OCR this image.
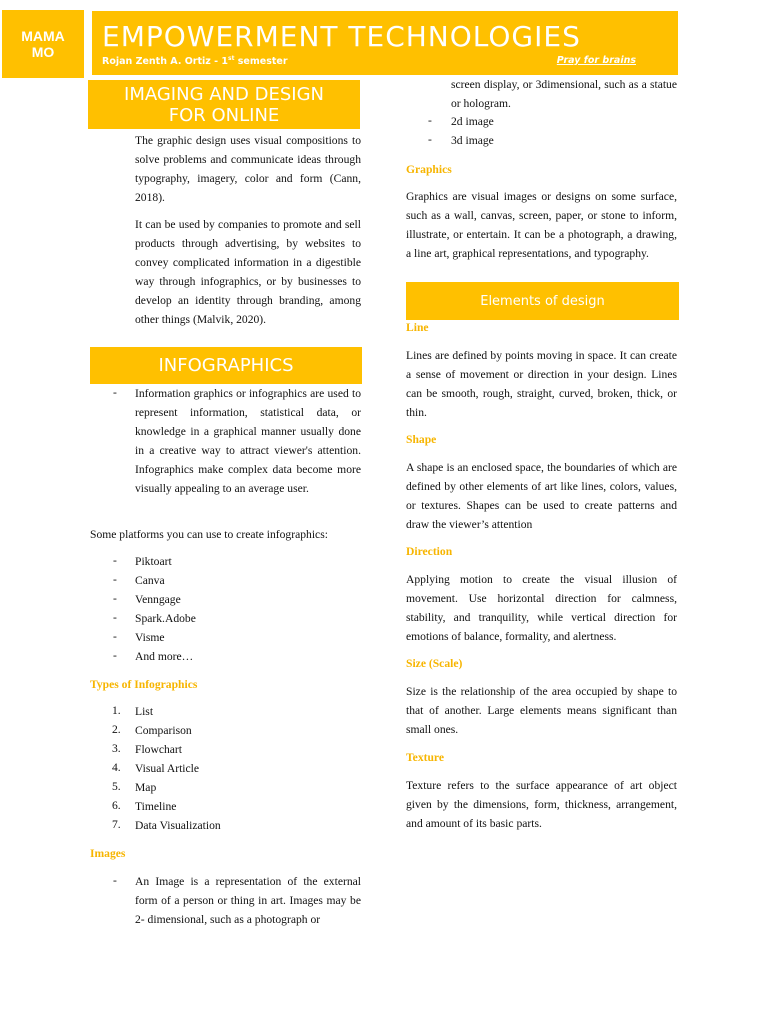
MAMA MO	EMPOWERMENT TECHNOLOGIES
Rojan Zenth A. Ortiz - 1st semester	Pray for brains
IMAGING AND DESIGN FOR ONLINE
The graphic design uses visual compositions to solve problems and communicate ideas through typography, imagery, color and form (Cann, 2018).
It can be used by companies to promote and sell products through advertising, by websites to convey complicated information in a digestible way through infographics, or by businesses to develop an identity through branding, among other things (Malvik, 2020).
INFOGRAPHICS
- Information graphics or infographics are used to represent information, statistical data, or knowledge in a graphical manner usually done in a creative way to attract viewer's attention. Infographics make complex data become more visually appealing to an average user.
Some platforms you can use to create infographics:
- Piktoart
- Canva
- Venngage
- Spark.Adobe
- Visme
- And more…
Types of Infographics
1. List
2. Comparison
3. Flowchart
4. Visual Article
5. Map
6. Timeline
7. Data Visualization
Images
- An Image is a representation of the external form of a person or thing in art. Images may be 2- dimensional, such as a photograph or
screen display, or 3dimensional, such as a statue or hologram.
- 2d image
- 3d image
Graphics
Graphics are visual images or designs on some surface, such as a wall, canvas, screen, paper, or stone to inform, illustrate, or entertain. It can be a photograph, a drawing, a line art, graphical representations, and typography.
Elements of design
Line
Lines are defined by points moving in space. It can create a sense of movement or direction in your design. Lines can be smooth, rough, straight, curved, broken, thick, or thin.
Shape
A shape is an enclosed space, the boundaries of which are defined by other elements of art like lines, colors, values, or textures. Shapes can be used to create patterns and draw the viewer’s attention
Direction
Applying motion to create the visual illusion of movement. Use horizontal direction for calmness, stability, and tranquility, while vertical direction for emotions of balance, formality, and alertness.
Size (Scale)
Size is the relationship of the area occupied by shape to that of another. Large elements means significant than small ones.
Texture
Texture refers to the surface appearance of art object given by the dimensions, form, thickness, arrangement, and amount of its basic parts.
